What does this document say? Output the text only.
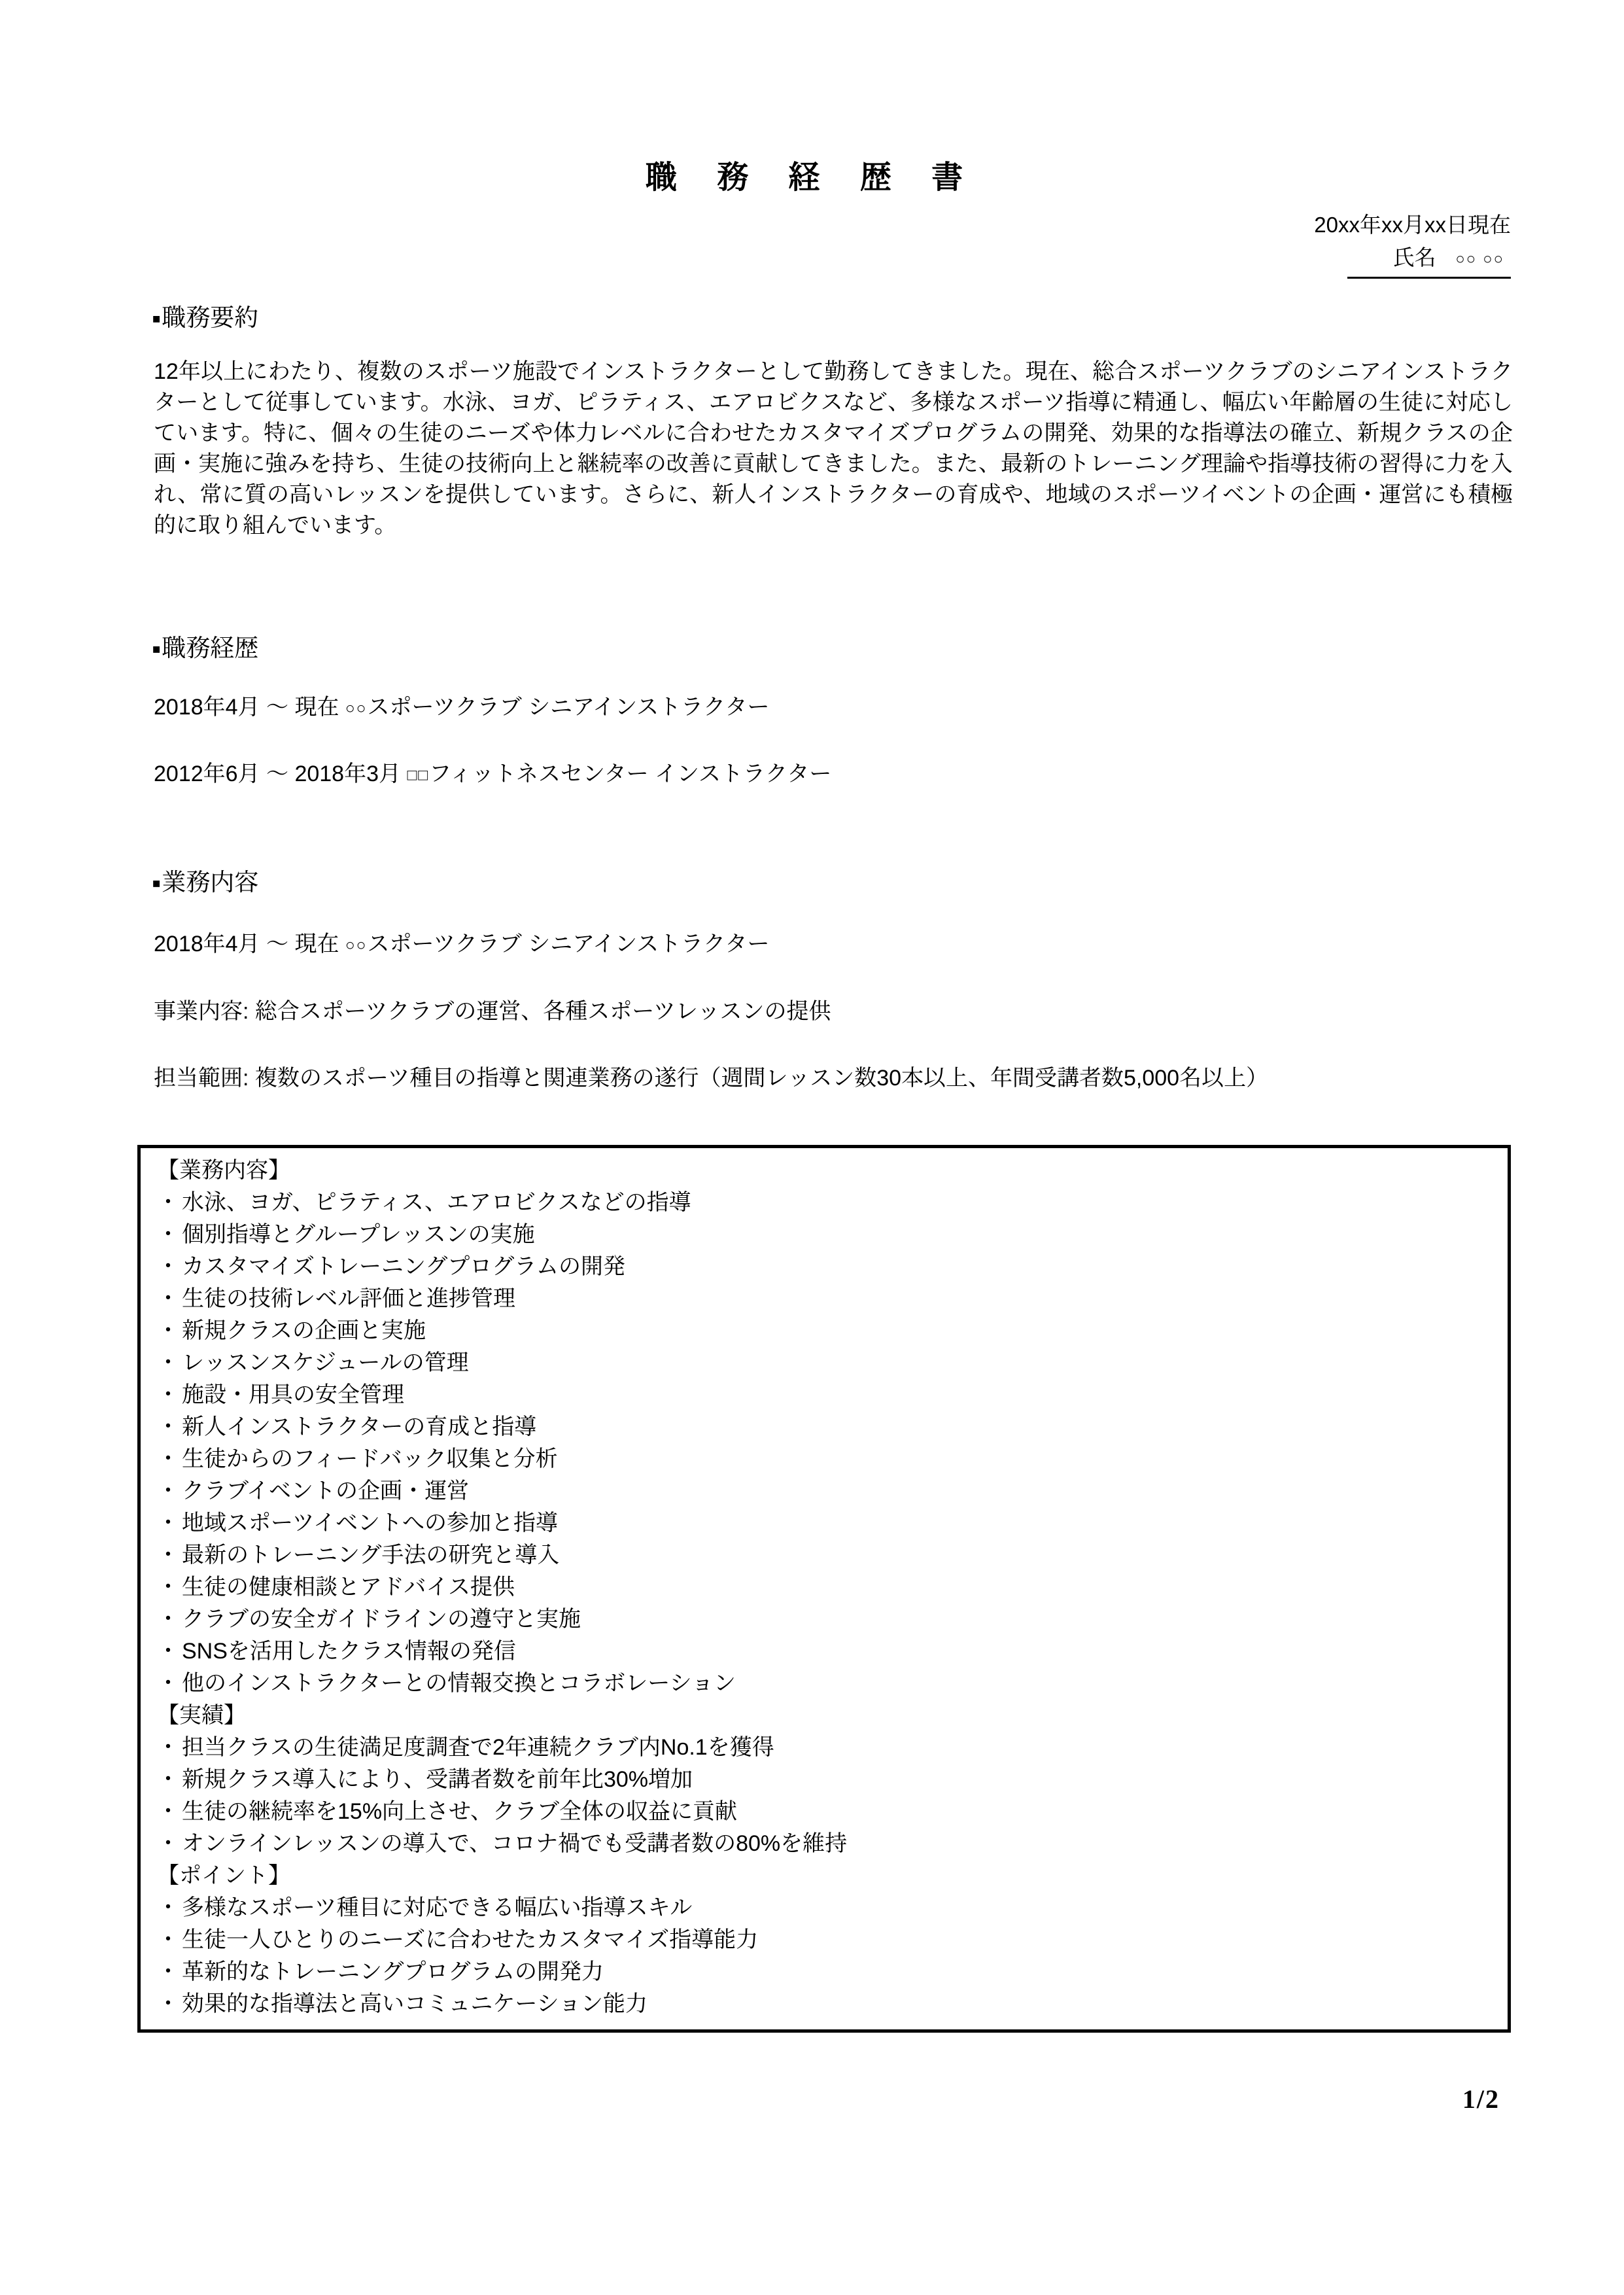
職 務 経 歴 書
20xx年xx月xx日現在
氏名 ○○ ○○
■職務要約
12年以上にわたり、複数のスポーツ施設でインストラクターとして勤務してきました。現在、総合スポーツクラブのシニアインストラクターとして従事しています。水泳、ヨガ、ピラティス、エアロビクスなど、多様なスポーツ指導に精通し、幅広い年齢層の生徒に対応しています。特に、個々の生徒のニーズや体力レベルに合わせたカスタマイズプログラムの開発、効果的な指導法の確立、新規クラスの企画・実施に強みを持ち、生徒の技術向上と継続率の改善に貢献してきました。また、最新のトレーニング理論や指導技術の習得に力を入れ、常に質の高いレッスンを提供しています。さらに、新人インストラクターの育成や、地域のスポーツイベントの企画・運営にも積極的に取り組んでいます。
■職務経歴
2018年4月 ～ 現在 ○○スポーツクラブ シニアインストラクター
2012年6月 ～ 2018年3月 □□フィットネスセンター インストラクター
■業務内容
2018年4月 ～ 現在 ○○スポーツクラブ シニアインストラクター
事業内容: 総合スポーツクラブの運営、各種スポーツレッスンの提供
担当範囲: 複数のスポーツ種目の指導と関連業務の遂行（週間レッスン数30本以上、年間受講者数5,000名以上）
【業務内容】
・ 水泳、ヨガ、ピラティス、エアロビクスなどの指導
・ 個別指導とグループレッスンの実施
・ カスタマイズトレーニングプログラムの開発
・ 生徒の技術レベル評価と進捗管理
・ 新規クラスの企画と実施
・ レッスンスケジュールの管理
・ 施設・用具の安全管理
・ 新人インストラクターの育成と指導
・ 生徒からのフィードバック収集と分析
・ クラブイベントの企画・運営
・ 地域スポーツイベントへの参加と指導
・ 最新のトレーニング手法の研究と導入
・ 生徒の健康相談とアドバイス提供
・ クラブの安全ガイドラインの遵守と実施
・ SNSを活用したクラス情報の発信
・ 他のインストラクターとの情報交換とコラボレーション
【実績】
・ 担当クラスの生徒満足度調査で2年連続クラブ内No.1を獲得
・ 新規クラス導入により、受講者数を前年比30%増加
・ 生徒の継続率を15%向上させ、クラブ全体の収益に貢献
・ オンラインレッスンの導入で、コロナ禍でも受講者数の80%を維持
【ポイント】
・ 多様なスポーツ種目に対応できる幅広い指導スキル
・ 生徒一人ひとりのニーズに合わせたカスタマイズ指導能力
・ 革新的なトレーニングプログラムの開発力
・ 効果的な指導法と高いコミュニケーション能力
1/2
